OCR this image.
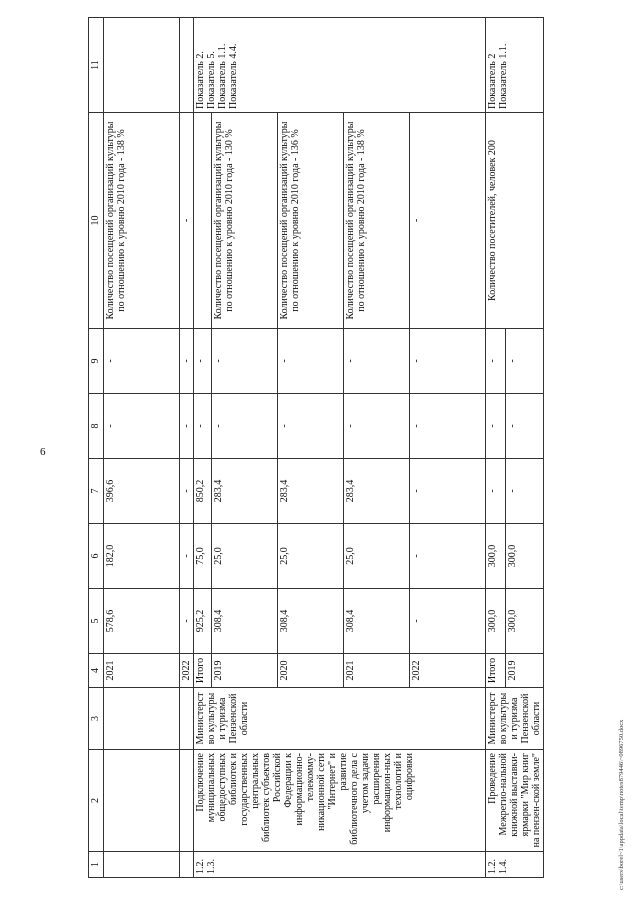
6
1	2	3	4	5	6	7	8	9	10	11
			2021	578,6	182,0	396,6	-	-	Количество посещений организаций культуры по отношению к уровню 2010 года - 138 %	
			2022	-	-	-	-	-	-	
1.2.1.3.	Подключение муниципальных общедоступных библиотек и государственных центральных библиотек субъектов Российской Федерации к информационно-телекомму-никационной сети "Интернет" и развитие библиотечного дела с учетом задачи расширения информацион-ных технологий и оцифровки	Министерство культуры и туризма Пензенской области	Итого	925,2	75,0	850,2	-	-		Показатель 2. Показатель 5. Показатель 1.1. Показатель 4.4.
			2019	308,4	25,0	283,4	-	-	Количество посещений организаций культуры по отношению к уровню 2010 года - 130 %	
			2020	308,4	25,0	283,4	-	-	Количество посещений организаций культуры по отношению к уровню 2010 года - 136 %	
			2021	308,4	25,0	283,4	-	-	Количество посещений организаций культуры по отношению к уровню 2010 года - 138 %	
			2022	-	-	-	-	-	-	
1.2.1.4.	Проведение Межрегио-нальной книжной выставки-ярмарки "Мир книг на пензен-ской земле"	Министерство культуры и туризма Пензенской области	Итого	300,0	300,0	-	-	-	Количество посетителей, человек 200	Показатель 2 Показатель 1.1.
			2019	300,0	300,0	-	-	-		
c:\users\borel~1\appdata\local\temp\notes879446\~0896750.docx
